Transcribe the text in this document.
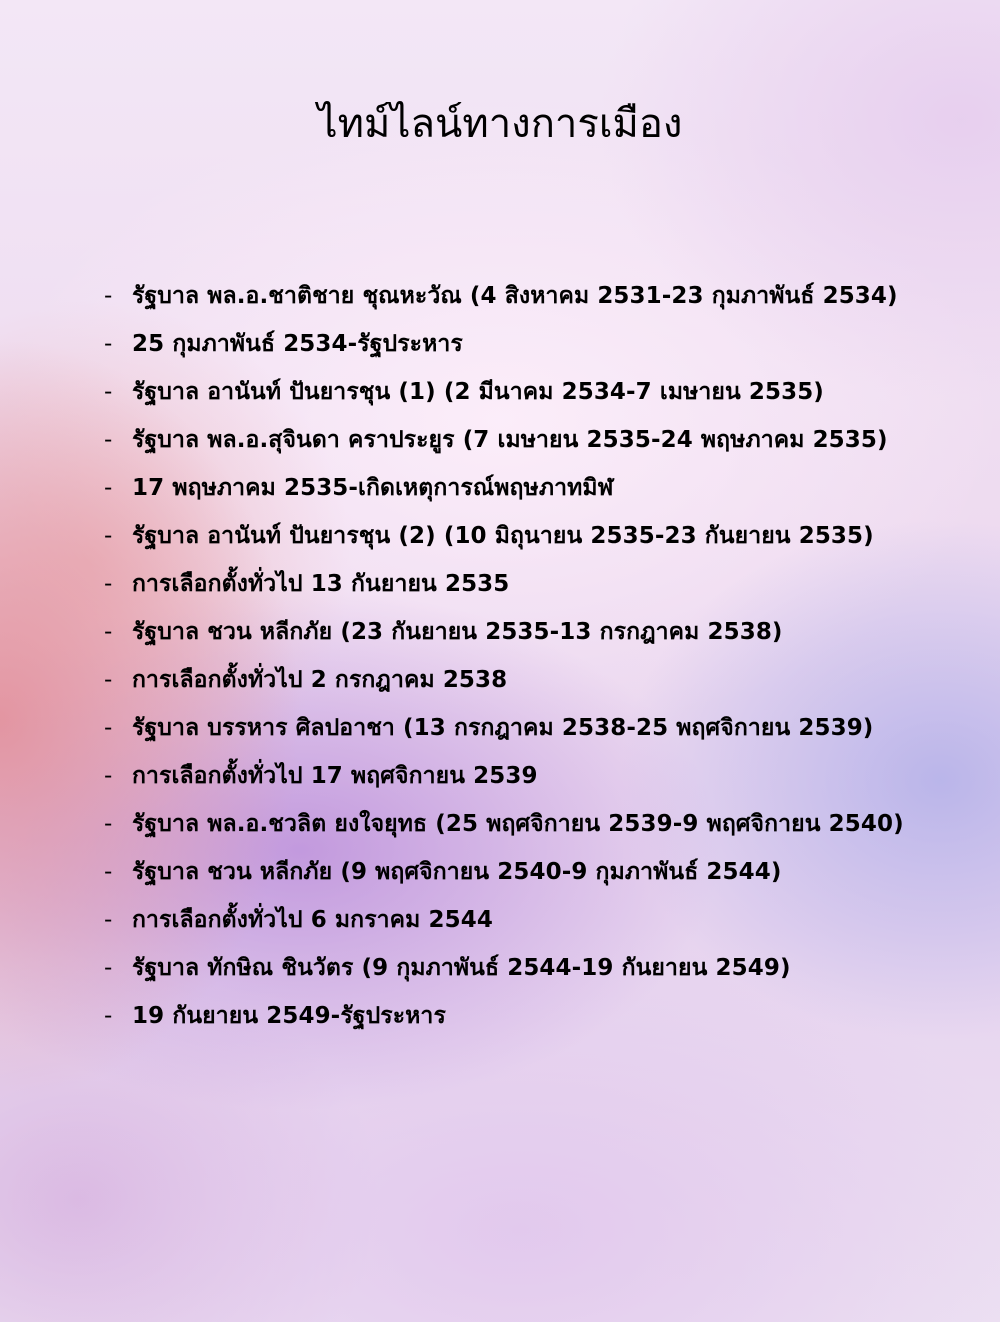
ไทม์ไลน์ทางการเมือง
- รัฐบาล พล.อ.ชาติชาย ชุณหะวัณ (4 สิงหาคม 2531-23 กุมภาพันธ์ 2534)
- 25 กุมภาพันธ์ 2534-รัฐประหาร
- รัฐบาล อานันท์ ปันยารชุน (1) (2 มีนาคม 2534-7 เมษายน 2535)
- รัฐบาล พล.อ.สุจินดา คราประยูร (7 เมษายน 2535-24 พฤษภาคม 2535)
- 17 พฤษภาคม 2535-เกิดเหตุการณ์พฤษภาทมิฬ
- รัฐบาล อานันท์ ปันยารชุน (2) (10 มิถุนายน 2535-23 กันยายน 2535)
- การเลือกตั้งทั่วไป 13 กันยายน 2535
- รัฐบาล ชวน หลีกภัย (23 กันยายน 2535-13 กรกฎาคม 2538)
- การเลือกตั้งทั่วไป 2 กรกฎาคม 2538
- รัฐบาล บรรหาร ศิลปอาชา (13 กรกฎาคม 2538-25 พฤศจิกายน 2539)
- การเลือกตั้งทั่วไป 17 พฤศจิกายน 2539
- รัฐบาล พล.อ.ชวลิต ยงใจยุทธ (25 พฤศจิกายน 2539-9 พฤศจิกายน 2540)
- รัฐบาล ชวน หลีกภัย (9 พฤศจิกายน 2540-9 กุมภาพันธ์ 2544)
- การเลือกตั้งทั่วไป 6 มกราคม 2544
- รัฐบาล ทักษิณ ชินวัตร (9 กุมภาพันธ์ 2544-19 กันยายน 2549)
- 19 กันยายน 2549-รัฐประหาร
